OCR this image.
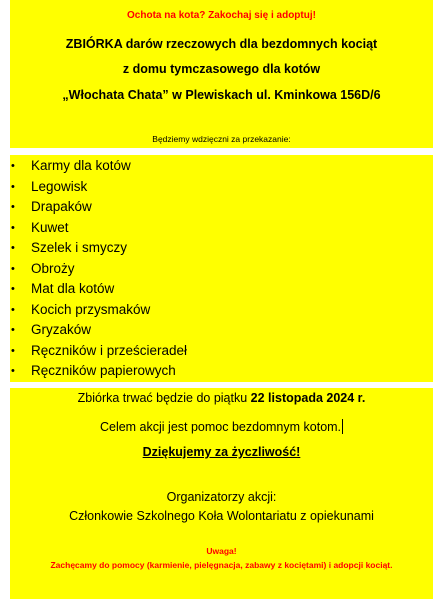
Ochota na kota? Zakochaj się i adoptuj!
ZBIÓRKA darów rzeczowych dla bezdomnych kociąt
z domu tymczasowego dla kotów
„Włochata Chata” w Plewiskach ul. Kminkowa 156D/6
Będziemy wdzięczni za przekazanie:
• Karmy dla kotów
• Legowisk
• Drapaków
• Kuwet
• Szelek i smyczy
• Obroży
• Mat dla kotów
• Kocich przysmaków
• Gryzaków
• Ręczników i prześcieradeł
• Ręczników papierowych
Zbiórka trwać będzie do piątku 22 listopada 2024 r.
Celem akcji jest pomoc bezdomnym kotom.
Dziękujemy za życzliwość!
Organizatorzy akcji:
Członkowie Szkolnego Koła Wolontariatu z opiekunami
Uwaga!
Zachęcamy do pomocy (karmienie, pielęgnacja, zabawy z kociętami) i adopcji kociąt.
